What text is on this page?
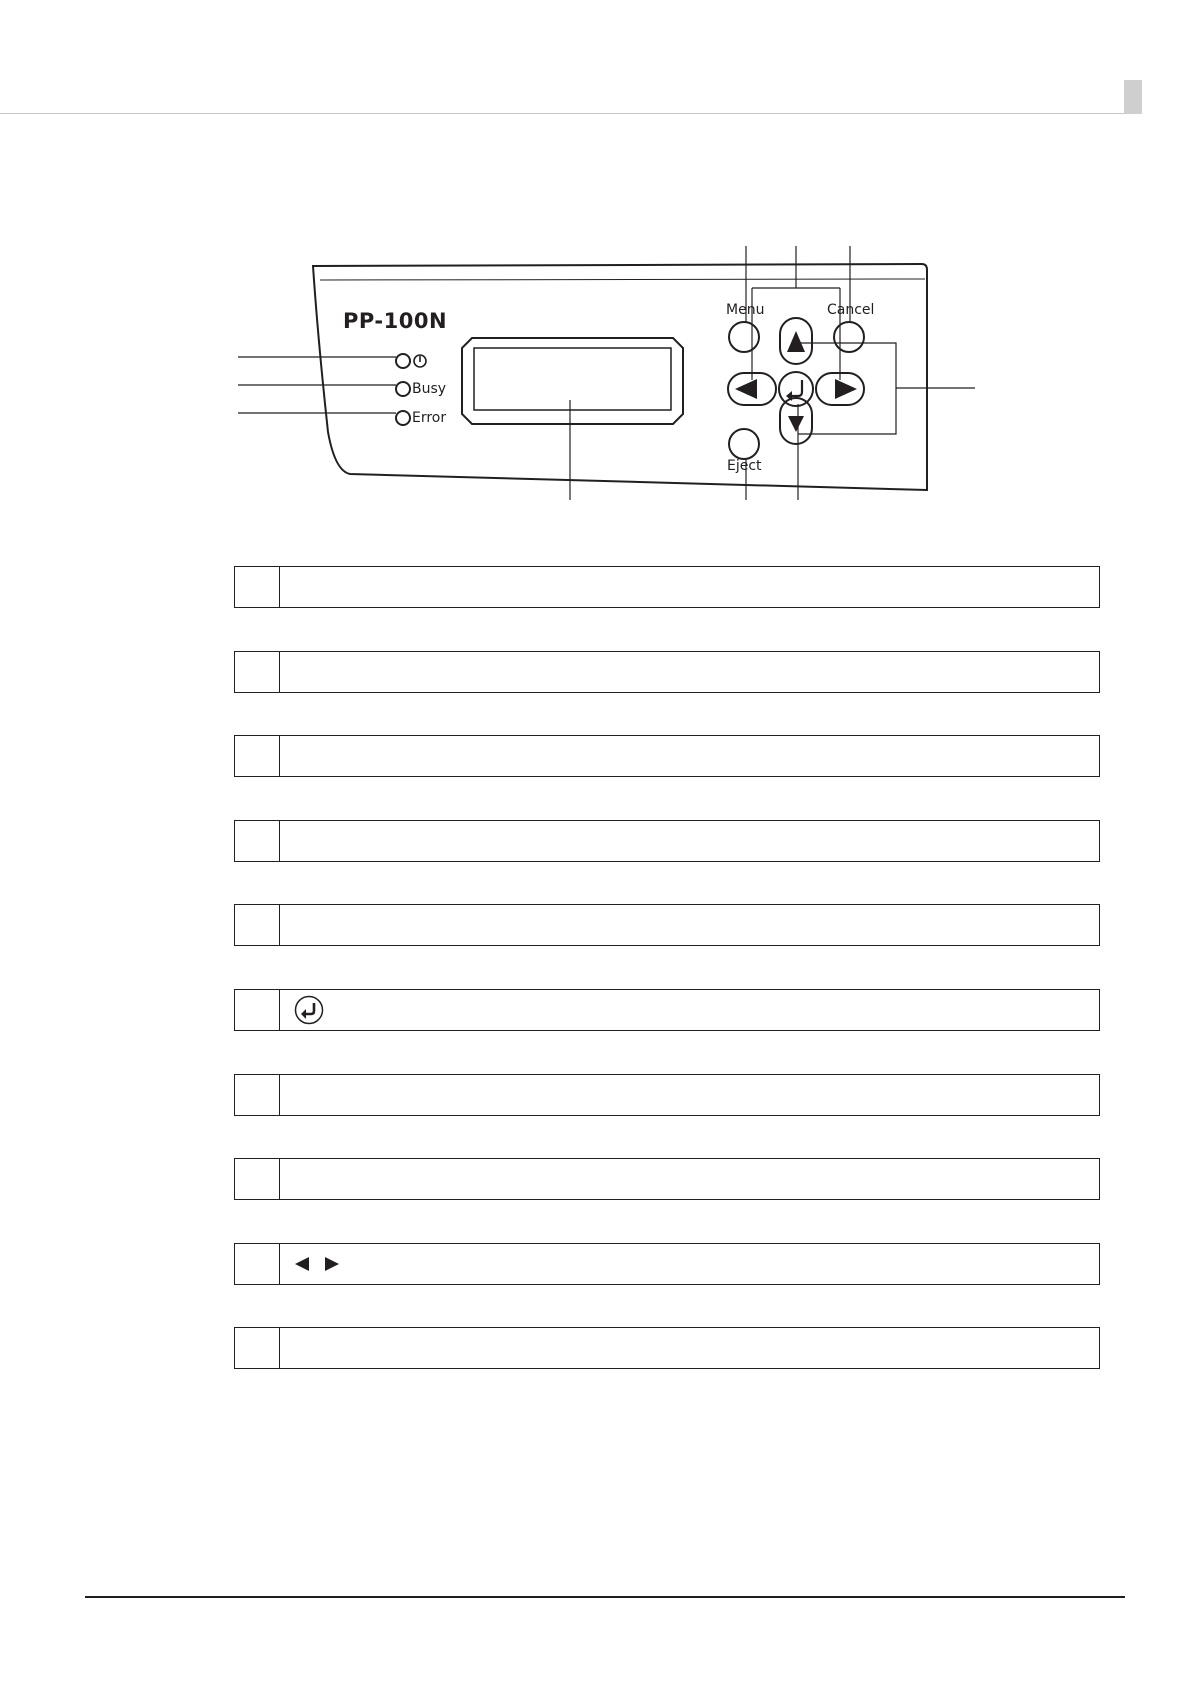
PP-100N
Busy
Error
Menu	Cancel
Eject
